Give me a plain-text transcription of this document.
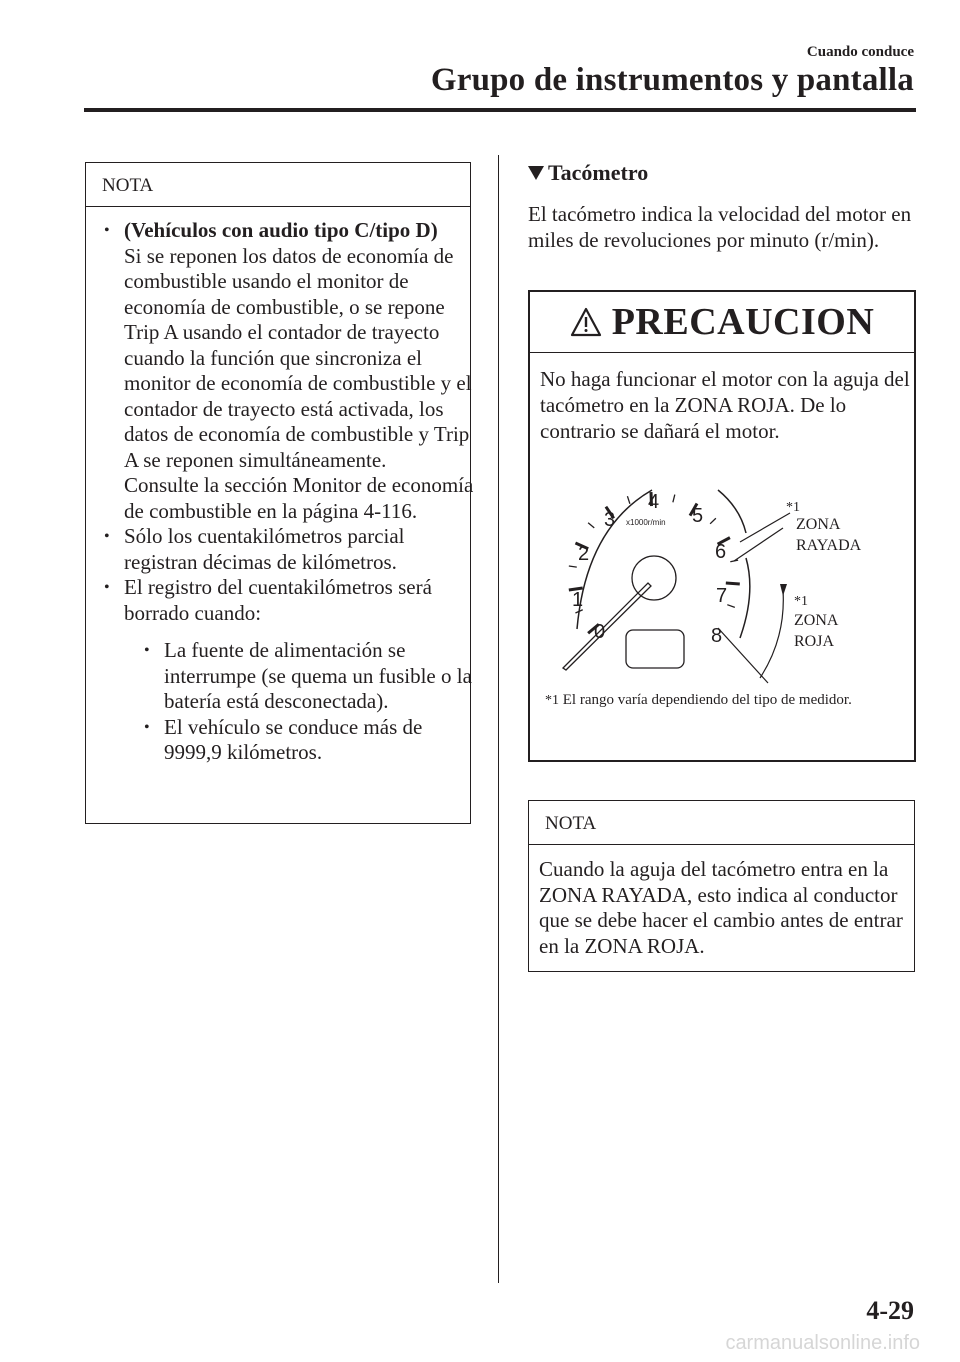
Cuando conduce
Grupo de instrumentos y pantalla
NOTA
• (Vehículos con audio tipo C/tipo D)

Si se reponen los datos de economía de combustible usando el monitor de economía de combustible, o se repone Trip A usando el contador de trayecto cuando la función que sincroniza el monitor de economía de combustible y el contador de trayecto está activada, los datos de economía de combustible y Trip A se reponen simultáneamente.

Consulte la sección Monitor de economía de combustible en la página 4-116.

• Sólo los cuentakilómetros parcial registran décimas de kilómetros.

• El registro del cuentakilómetros será borrado cuando:

• La fuente de alimentación se interrumpe (se quema un fusible o la batería está desconectada).

• El vehículo se conduce más de 9999,9 kilómetros.

Tacómetro

El tacómetro indica la velocidad del motor en miles de revoluciones por minuto (r/min).

PRECAUCION

No haga funcionar el motor con la aguja del tacómetro en la ZONA ROJA. De lo contrario se dañará el motor.

0
1
2
3
4
5
6
7
8
x1000r/min
*1
ZONA
RAYADA
*1
ZONA
ROJA
*1 El rango varía dependiendo del tipo de medidor.
NOTA

Cuando la aguja del tacómetro entra en la ZONA RAYADA, esto indica al conductor que se debe hacer el cambio antes de entrar en la ZONA ROJA.

4-29
carmanualsonline.info
